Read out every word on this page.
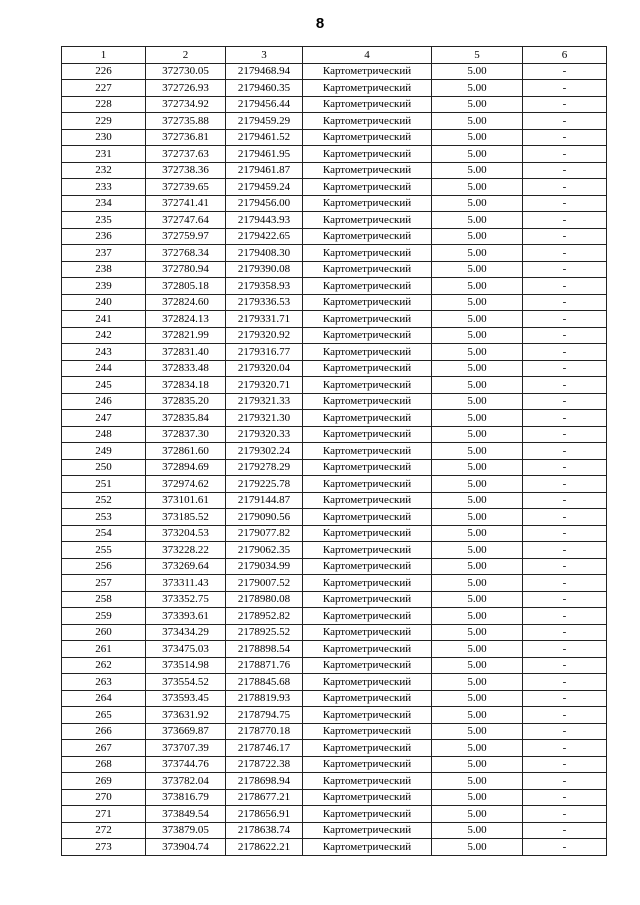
8
1	2	3	4	5	6
226	372730.05	2179468.94	Картометрический	5.00	-
227	372726.93	2179460.35	Картометрический	5.00	-
228	372734.92	2179456.44	Картометрический	5.00	-
229	372735.88	2179459.29	Картометрический	5.00	-
230	372736.81	2179461.52	Картометрический	5.00	-
231	372737.63	2179461.95	Картометрический	5.00	-
232	372738.36	2179461.87	Картометрический	5.00	-
233	372739.65	2179459.24	Картометрический	5.00	-
234	372741.41	2179456.00	Картометрический	5.00	-
235	372747.64	2179443.93	Картометрический	5.00	-
236	372759.97	2179422.65	Картометрический	5.00	-
237	372768.34	2179408.30	Картометрический	5.00	-
238	372780.94	2179390.08	Картометрический	5.00	-
239	372805.18	2179358.93	Картометрический	5.00	-
240	372824.60	2179336.53	Картометрический	5.00	-
241	372824.13	2179331.71	Картометрический	5.00	-
242	372821.99	2179320.92	Картометрический	5.00	-
243	372831.40	2179316.77	Картометрический	5.00	-
244	372833.48	2179320.04	Картометрический	5.00	-
245	372834.18	2179320.71	Картометрический	5.00	-
246	372835.20	2179321.33	Картометрический	5.00	-
247	372835.84	2179321.30	Картометрический	5.00	-
248	372837.30	2179320.33	Картометрический	5.00	-
249	372861.60	2179302.24	Картометрический	5.00	-
250	372894.69	2179278.29	Картометрический	5.00	-
251	372974.62	2179225.78	Картометрический	5.00	-
252	373101.61	2179144.87	Картометрический	5.00	-
253	373185.52	2179090.56	Картометрический	5.00	-
254	373204.53	2179077.82	Картометрический	5.00	-
255	373228.22	2179062.35	Картометрический	5.00	-
256	373269.64	2179034.99	Картометрический	5.00	-
257	373311.43	2179007.52	Картометрический	5.00	-
258	373352.75	2178980.08	Картометрический	5.00	-
259	373393.61	2178952.82	Картометрический	5.00	-
260	373434.29	2178925.52	Картометрический	5.00	-
261	373475.03	2178898.54	Картометрический	5.00	-
262	373514.98	2178871.76	Картометрический	5.00	-
263	373554.52	2178845.68	Картометрический	5.00	-
264	373593.45	2178819.93	Картометрический	5.00	-
265	373631.92	2178794.75	Картометрический	5.00	-
266	373669.87	2178770.18	Картометрический	5.00	-
267	373707.39	2178746.17	Картометрический	5.00	-
268	373744.76	2178722.38	Картометрический	5.00	-
269	373782.04	2178698.94	Картометрический	5.00	-
270	373816.79	2178677.21	Картометрический	5.00	-
271	373849.54	2178656.91	Картометрический	5.00	-
272	373879.05	2178638.74	Картометрический	5.00	-
273	373904.74	2178622.21	Картометрический	5.00	-
